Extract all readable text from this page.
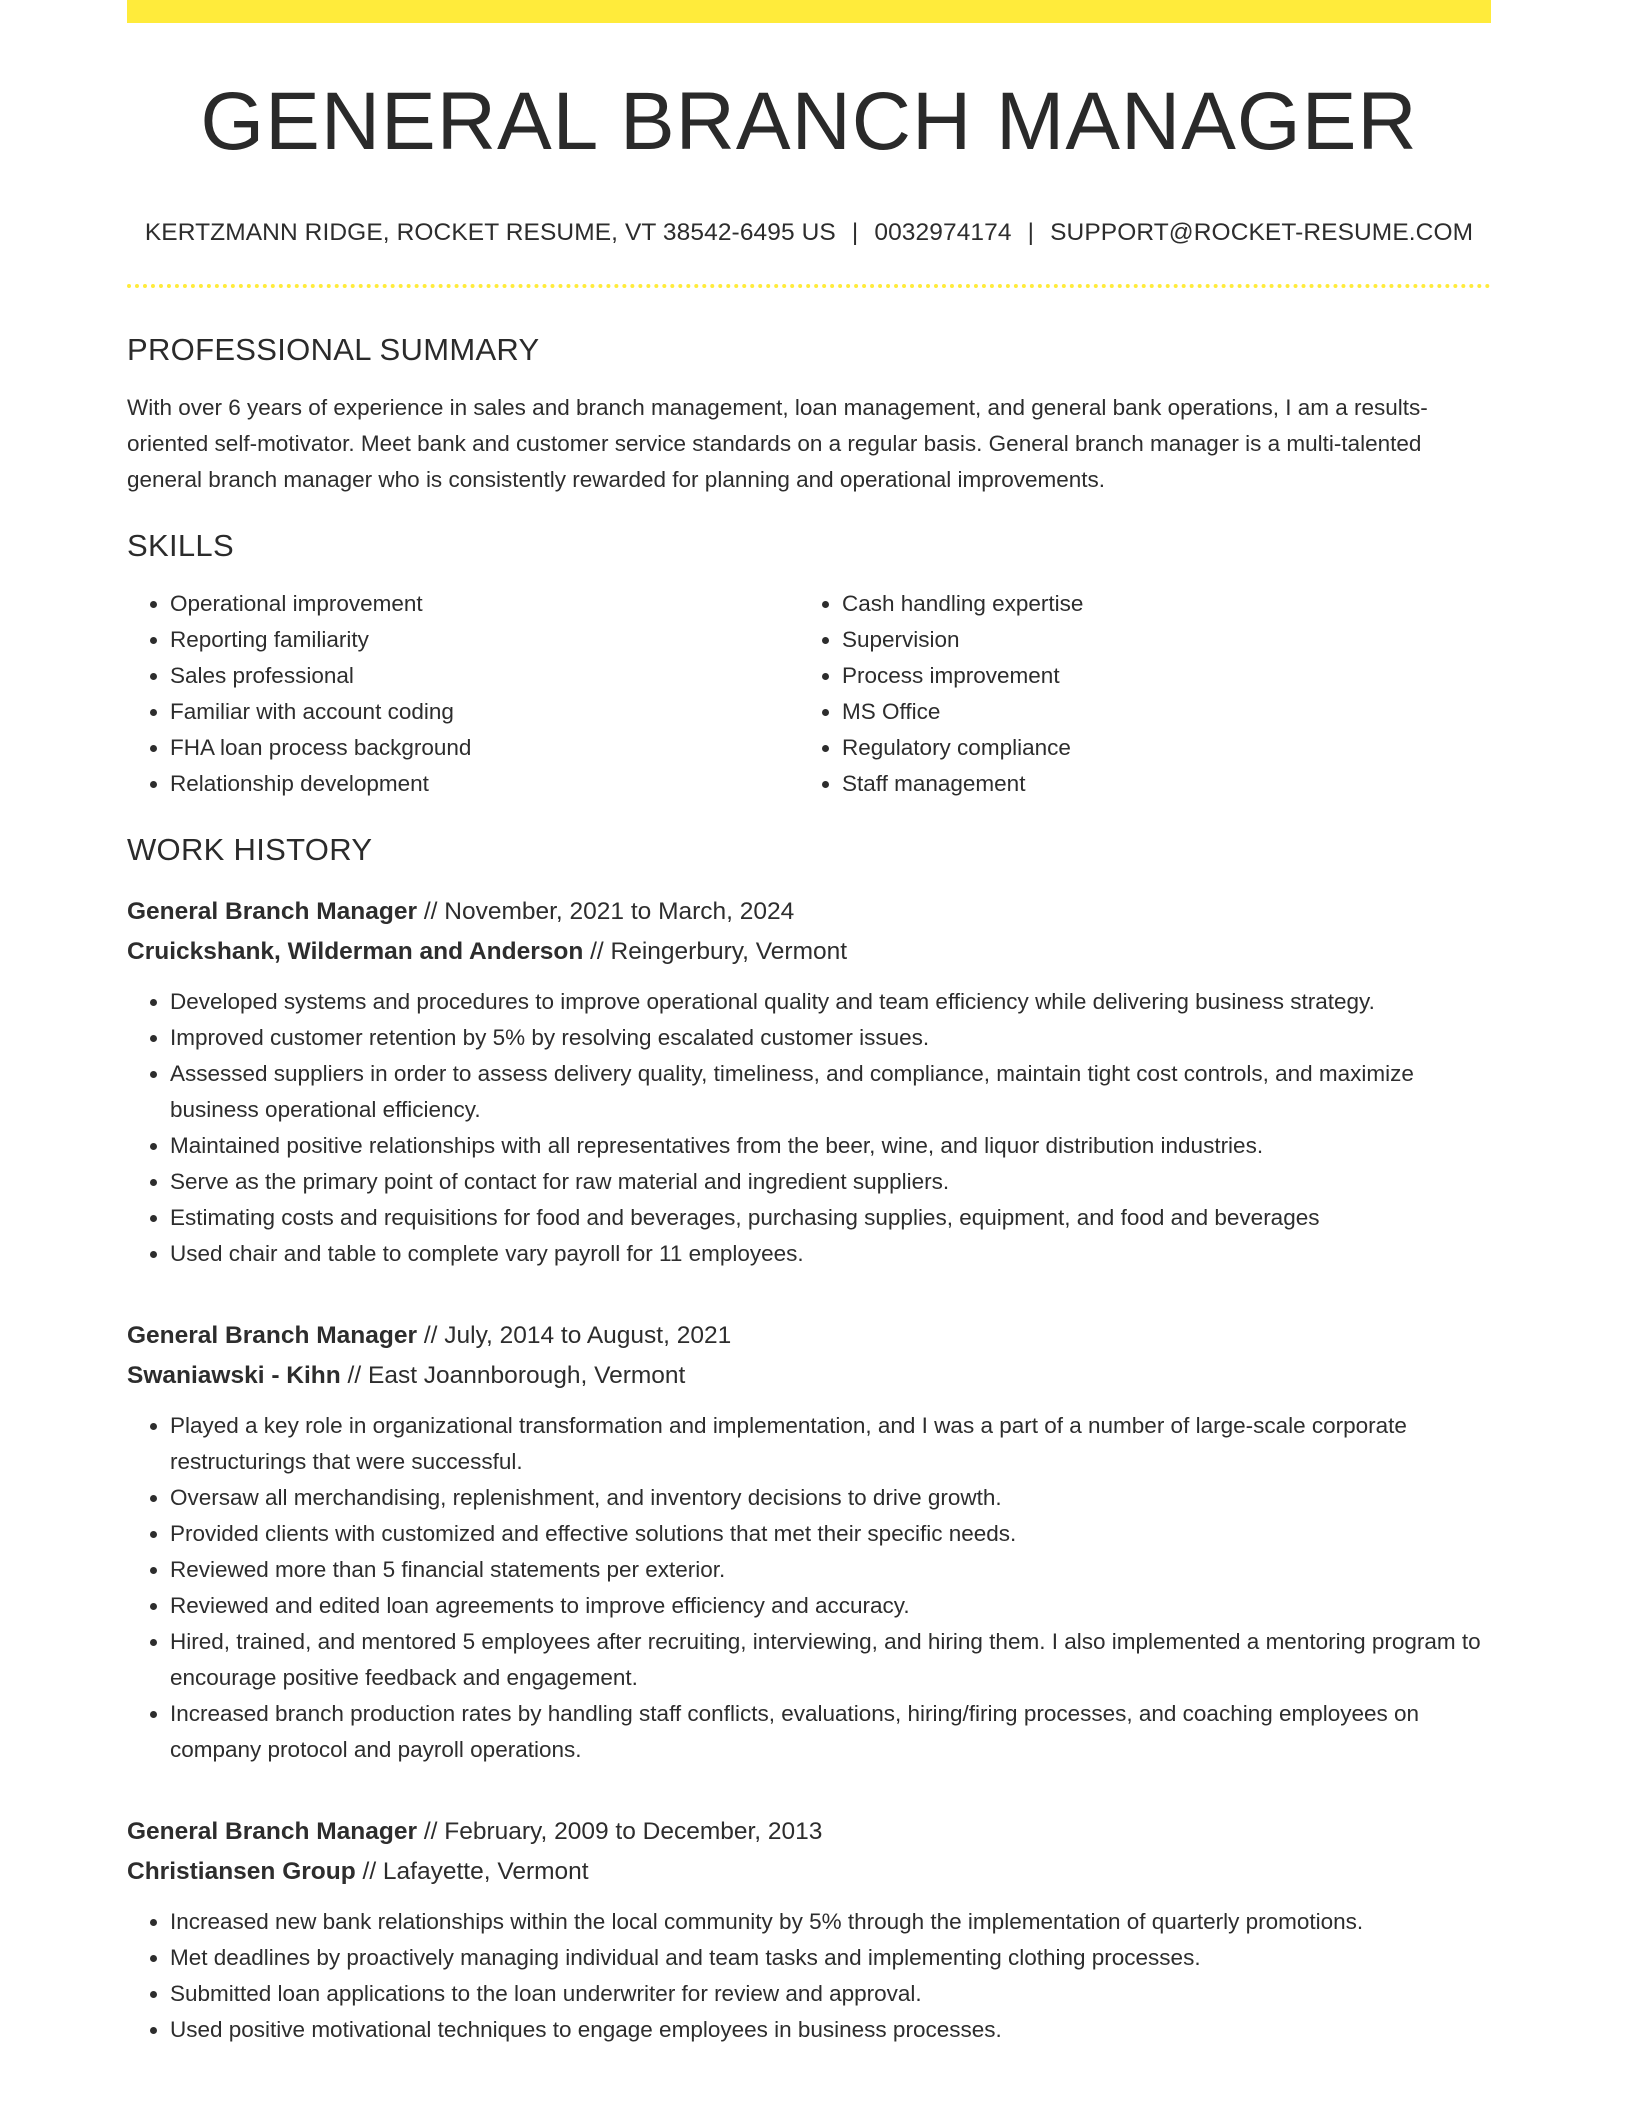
GENERAL BRANCH MANAGER
KERTZMANN RIDGE, ROCKET RESUME, VT 38542-6495 US | 0032974174 | SUPPORT@ROCKET-RESUME.COM
PROFESSIONAL SUMMARY

With over 6 years of experience in sales and branch management, loan management, and general bank operations, I am a results-oriented self-motivator. Meet bank and customer service standards on a regular basis. General branch manager is a multi-talented general branch manager who is consistently rewarded for planning and operational improvements.

SKILLS
• Operational improvement
• Reporting familiarity
• Sales professional
• Familiar with account coding
• FHA loan process background
• Relationship development
• Cash handling expertise
• Supervision
• Process improvement
• MS Office
• Regulatory compliance
• Staff management
WORK HISTORY
General Branch Manager // November, 2021 to March, 2024
Cruickshank, Wilderman and Anderson // Reingerbury, Vermont
• Developed systems and procedures to improve operational quality and team efficiency while delivering business strategy.
• Improved customer retention by 5% by resolving escalated customer issues.
• Assessed suppliers in order to assess delivery quality, timeliness, and compliance, maintain tight cost controls, and maximize business operational efficiency.
• Maintained positive relationships with all representatives from the beer, wine, and liquor distribution industries.
• Serve as the primary point of contact for raw material and ingredient suppliers.
• Estimating costs and requisitions for food and beverages, purchasing supplies, equipment, and food and beverages
• Used chair and table to complete vary payroll for 11 employees.
General Branch Manager // July, 2014 to August, 2021
Swaniawski - Kihn // East Joannborough, Vermont
• Played a key role in organizational transformation and implementation, and I was a part of a number of large-scale corporate restructurings that were successful.
• Oversaw all merchandising, replenishment, and inventory decisions to drive growth.
• Provided clients with customized and effective solutions that met their specific needs.
• Reviewed more than 5 financial statements per exterior.
• Reviewed and edited loan agreements to improve efficiency and accuracy.
• Hired, trained, and mentored 5 employees after recruiting, interviewing, and hiring them. I also implemented a mentoring program to encourage positive feedback and engagement.
• Increased branch production rates by handling staff conflicts, evaluations, hiring/firing processes, and coaching employees on company protocol and payroll operations.
General Branch Manager // February, 2009 to December, 2013
Christiansen Group // Lafayette, Vermont
• Increased new bank relationships within the local community by 5% through the implementation of quarterly promotions.
• Met deadlines by proactively managing individual and team tasks and implementing clothing processes.
• Submitted loan applications to the loan underwriter for review and approval.
• Used positive motivational techniques to engage employees in business processes.
